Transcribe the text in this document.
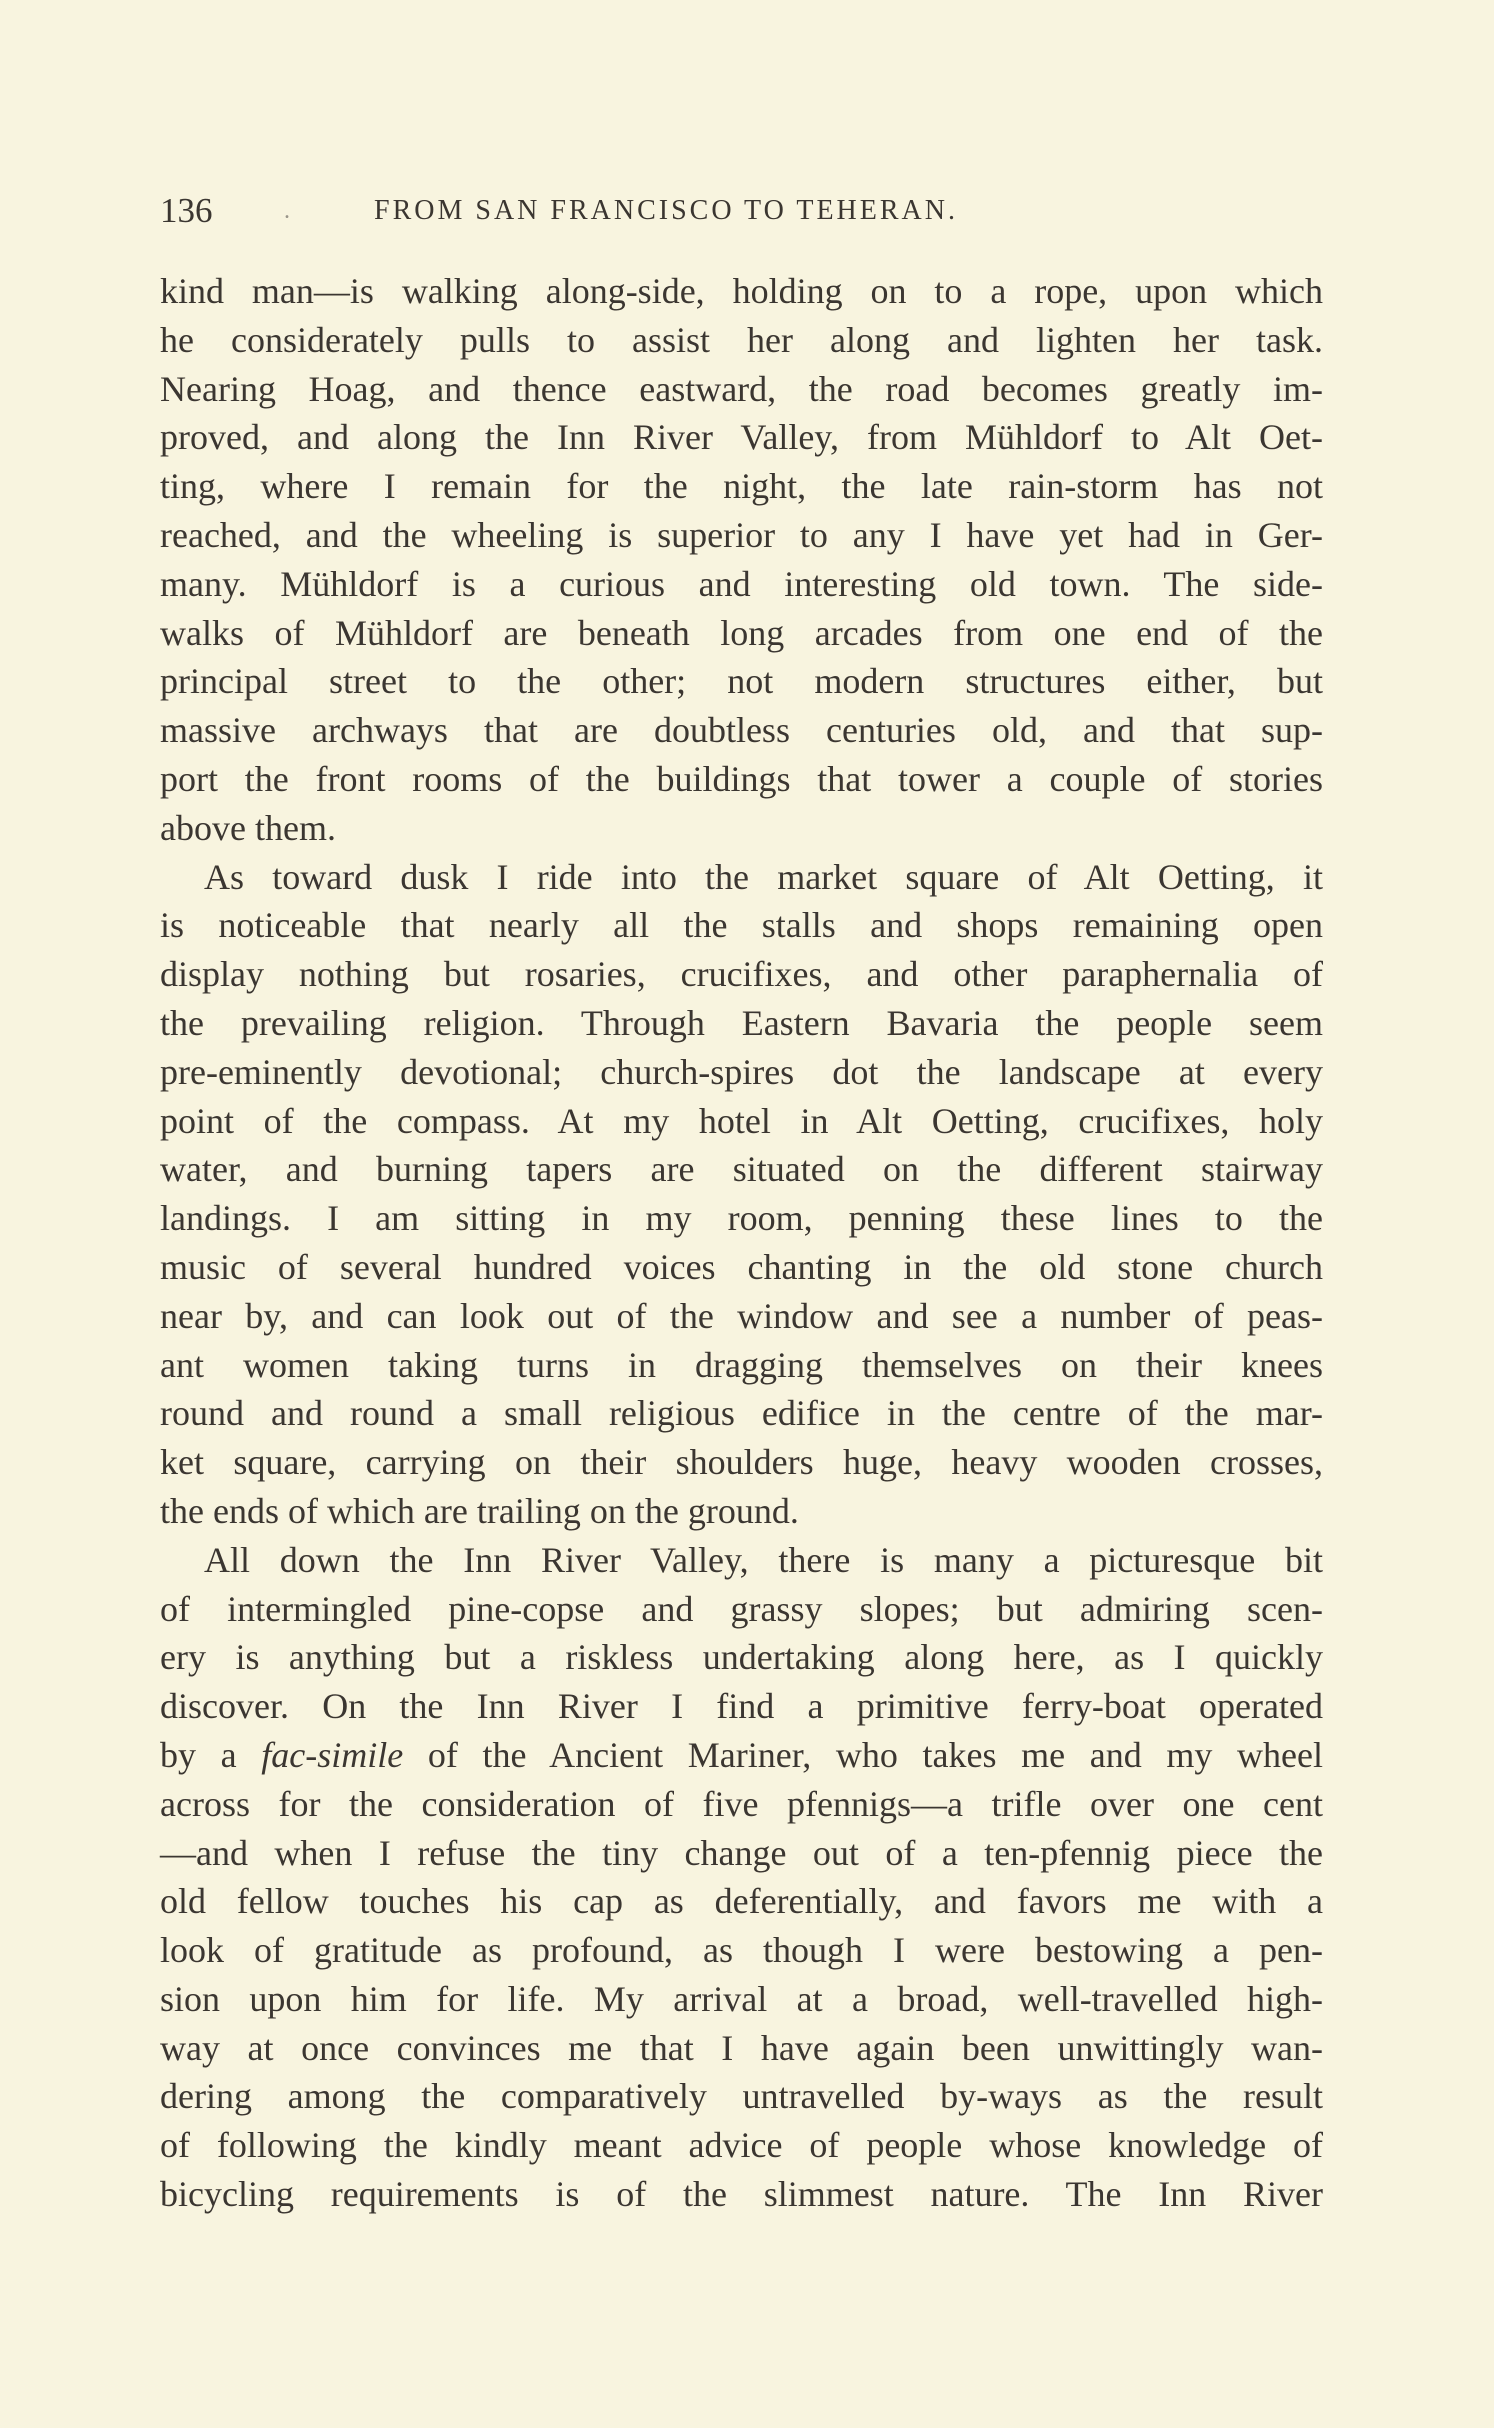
136	.	FROM SAN FRANCISCO TO TEHERAN.
kind man—is walking along-side, holding on to a rope, upon which
he considerately pulls to assist her along and lighten her task.
Nearing Hoag, and thence eastward, the road becomes greatly im-
proved, and along the Inn River Valley, from Mühldorf to Alt Oet-
ting, where I remain for the night, the late rain-storm has not
reached, and the wheeling is superior to any I have yet had in Ger-
many. Mühldorf is a curious and interesting old town. The side-
walks of Mühldorf are beneath long arcades from one end of the
principal street to the other; not modern structures either, but
massive archways that are doubtless centuries old, and that sup-
port the front rooms of the buildings that tower a couple of stories
above them.
As toward dusk I ride into the market square of Alt Oetting, it
is noticeable that nearly all the stalls and shops remaining open
display nothing but rosaries, crucifixes, and other paraphernalia of
the prevailing religion. Through Eastern Bavaria the people seem
pre-eminently devotional; church-spires dot the landscape at every
point of the compass. At my hotel in Alt Oetting, crucifixes, holy
water, and burning tapers are situated on the different stairway
landings. I am sitting in my room, penning these lines to the
music of several hundred voices chanting in the old stone church
near by, and can look out of the window and see a number of peas-
ant women taking turns in dragging themselves on their knees
round and round a small religious edifice in the centre of the mar-
ket square, carrying on their shoulders huge, heavy wooden crosses,
the ends of which are trailing on the ground.
All down the Inn River Valley, there is many a picturesque bit
of intermingled pine-copse and grassy slopes; but admiring scen-
ery is anything but a riskless undertaking along here, as I quickly
discover. On the Inn River I find a primitive ferry-boat operated
by a fac-simile of the Ancient Mariner, who takes me and my wheel
across for the consideration of five pfennigs—a trifle over one cent
—and when I refuse the tiny change out of a ten-pfennig piece the
old fellow touches his cap as deferentially, and favors me with a
look of gratitude as profound, as though I were bestowing a pen-
sion upon him for life. My arrival at a broad, well-travelled high-
way at once convinces me that I have again been unwittingly wan-
dering among the comparatively untravelled by-ways as the result
of following the kindly meant advice of people whose knowledge of
bicycling requirements is of the slimmest nature. The Inn River
